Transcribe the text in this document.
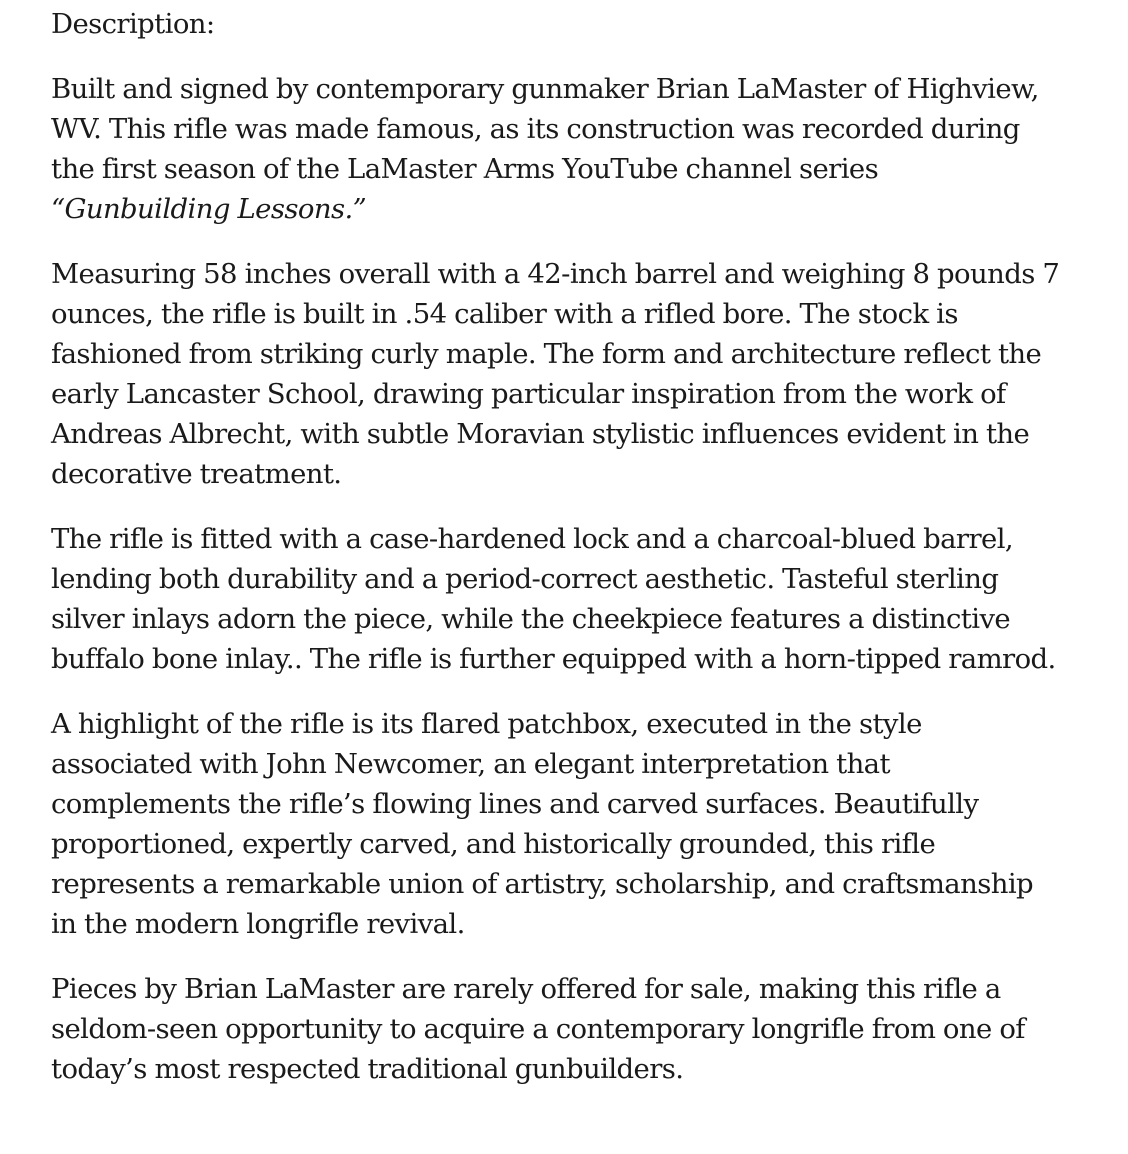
Description:

Built and signed by contemporary gunmaker Brian LaMaster of Highview, WV. This rifle was made famous, as its construction was recorded during the first season of the LaMaster Arms YouTube channel series “Gunbuilding Lessons.”

Measuring 58 inches overall with a 42-inch barrel and weighing 8 pounds 7 ounces, the rifle is built in .54 caliber with a rifled bore. The stock is fashioned from striking curly maple. The form and architecture reflect the early Lancaster School, drawing particular inspiration from the work of Andreas Albrecht, with subtle Moravian stylistic influences evident in the decorative treatment.

The rifle is fitted with a case-hardened lock and a charcoal-blued barrel, lending both durability and a period-correct aesthetic. Tasteful sterling silver inlays adorn the piece, while the cheekpiece features a distinctive buffalo bone inlay.. The rifle is further equipped with a horn-tipped ramrod.

A highlight of the rifle is its flared patchbox, executed in the style associated with John Newcomer, an elegant interpretation that complements the rifle’s flowing lines and carved surfaces. Beautifully proportioned, expertly carved, and historically grounded, this rifle represents a remarkable union of artistry, scholarship, and craftsmanship in the modern longrifle revival.

Pieces by Brian LaMaster are rarely offered for sale, making this rifle a seldom-seen opportunity to acquire a contemporary longrifle from one of today’s most respected traditional gunbuilders.
